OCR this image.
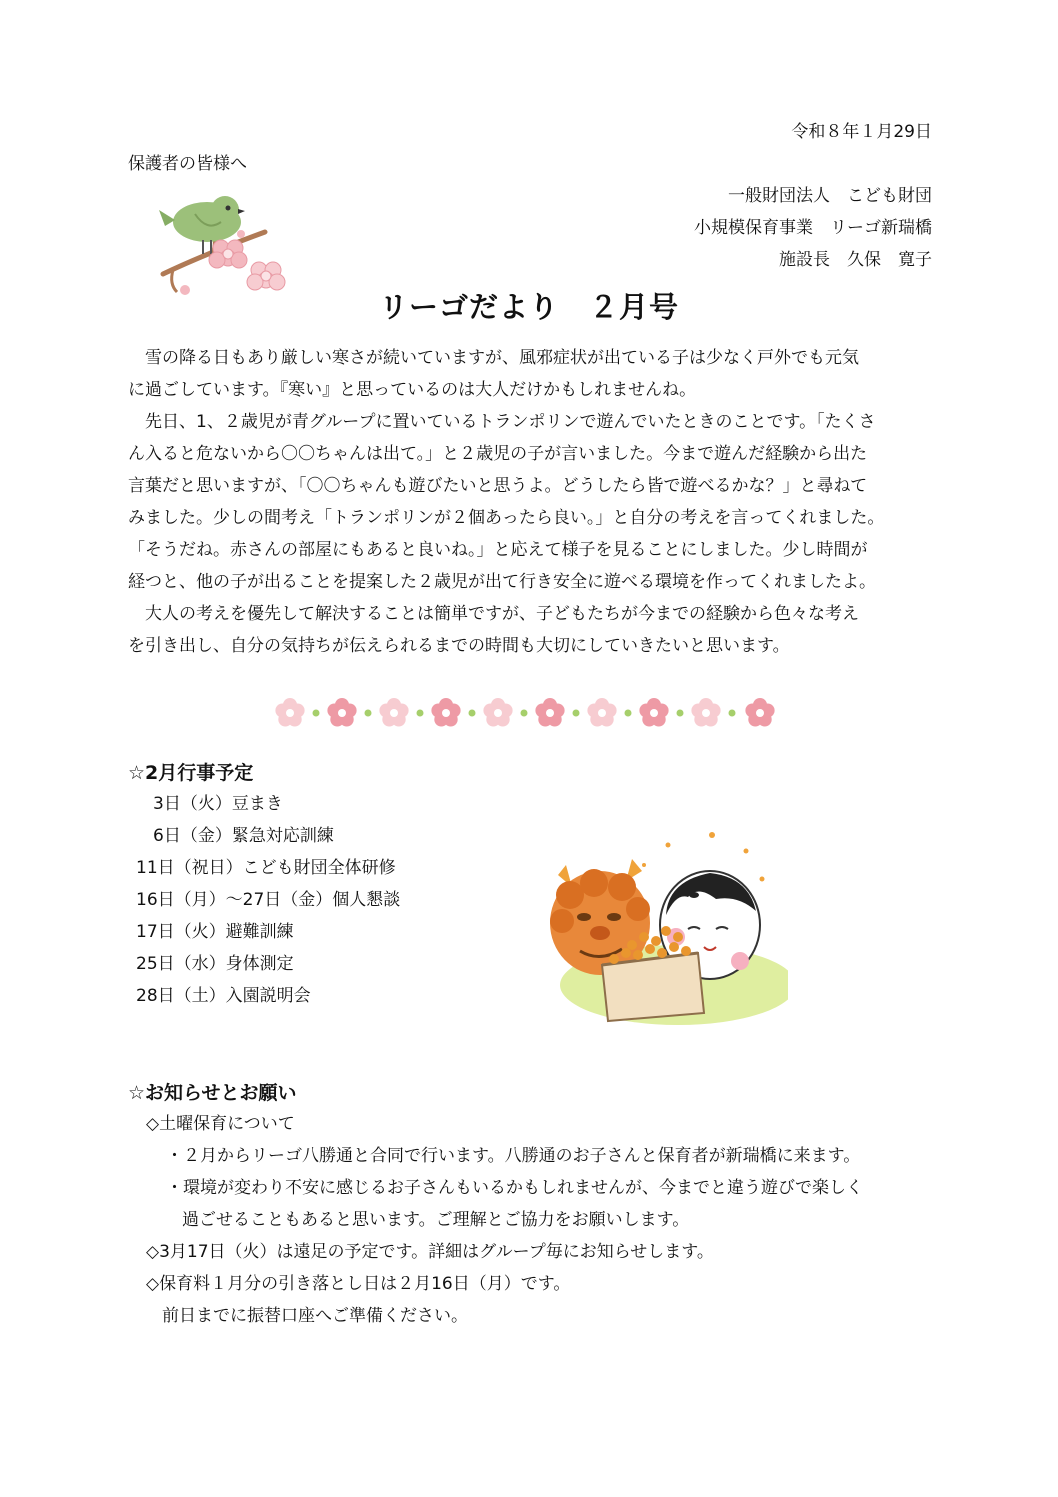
令和８年１月29日
保護者の皆様へ
一般財団法人　こども財団
小規模保育事業　リーゴ新瑞橋
施設長　久保　寛子
リーゴだより　２月号
　雪の降る日もあり厳しい寒さが続いていますが、風邪症状が出ている子は少なく戸外でも元気
に過ごしています。『寒い』と思っているのは大人だけかもしれませんね。
　先日、1、２歳児が青グループに置いているトランポリンで遊んでいたときのことです。「たくさ
ん入ると危ないから〇〇ちゃんは出て。」と２歳児の子が言いました。今まで遊んだ経験から出た
言葉だと思いますが、「〇〇ちゃんも遊びたいと思うよ。どうしたら皆で遊べるかな？」と尋ねて
みました。少しの間考え「トランポリンが２個あったら良い。」と自分の考えを言ってくれました。
「そうだね。赤さんの部屋にもあると良いね。」と応えて様子を見ることにしました。少し時間が
経つと、他の子が出ることを提案した２歳児が出て行き安全に遊べる環境を作ってくれましたよ。
　大人の考えを優先して解決することは簡単ですが、子どもたちが今までの経験から色々な考え
を引き出し、自分の気持ちが伝えられるまでの時間も大切にしていきたいと思います。
☆2月行事予定
　3日（火）豆まき
　6日（金）緊急対応訓練
11日（祝日）こども財団全体研修
16日（月）～27日（金）個人懇談
17日（火）避難訓練
25日（水）身体測定
28日（土）入園説明会
☆お知らせとお願い
◇土曜保育について
・２月からリーゴ八勝通と合同で行います。八勝通のお子さんと保育者が新瑞橋に来ます。
・環境が変わり不安に感じるお子さんもいるかもしれませんが、今までと違う遊びで楽しく
過ごせることもあると思います。ご理解とご協力をお願いします。
◇3月17日（火）は遠足の予定です。詳細はグループ毎にお知らせします。
◇保育料１月分の引き落とし日は２月16日（月）です。
前日までに振替口座へご準備ください。
